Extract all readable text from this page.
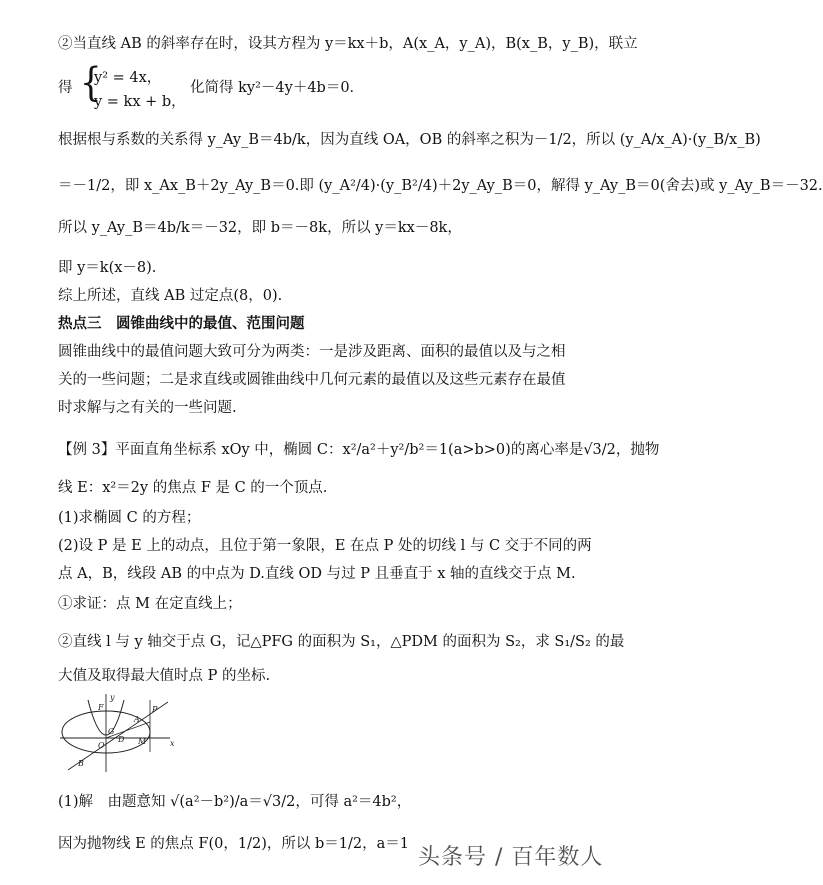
②当直线 AB 的斜率存在时，设其方程为 y＝kx＋b，A(x_A，y_A)，B(x_B，y_B)，联立
得 {
y² = 4x，
y = kx + b，
化简得 ky²－4y＋4b＝0．
根据根与系数的关系得 y_Ay_B＝4b/k，因为直线 OA，OB 的斜率之积为－1/2，所以 (y_A/x_A)·(y_B/x_B)
＝－1/2，即 x_Ax_B＋2y_Ay_B＝0.即 (y_A²/4)·(y_B²/4)＋2y_Ay_B＝0，解得 y_Ay_B＝0(舍去)或 y_Ay_B＝－32.
所以 y_Ay_B＝4b/k＝－32，即 b＝－8k，所以 y＝kx－8k，
即 y＝k(x－8).
综上所述，直线 AB 过定点(8，0).
热点三　圆锥曲线中的最值、范围问题
圆锥曲线中的最值问题大致可分为两类：一是涉及距离、面积的最值以及与之相
关的一些问题；二是求直线或圆锥曲线中几何元素的最值以及这些元素存在最值
时求解与之有关的一些问题.
【例 3】平面直角坐标系 xOy 中，椭圆 C：x²/a²＋y²/b²＝1(a>b>0)的离心率是√3/2，抛物
线 E：x²＝2y 的焦点 F 是 C 的一个顶点.
(1)求椭圆 C 的方程；
(2)设 P 是 E 上的动点，且位于第一象限，E 在点 P 处的切线 l 与 C 交于不同的两
点 A，B，线段 AB 的中点为 D.直线 OD 与过 P 且垂直于 x 轴的直线交于点 M.
①求证：点 M 在定直线上；
②直线 l 与 y 轴交于点 G，记△PFG 的面积为 S₁，△PDM 的面积为 S₂，求 S₁/S₂ 的最
大值及取得最大值时点 P 的坐标.
y
x
F
O
D M
G
P
A
B
(1)解　由题意知 √(a²－b²)/a＝√3/2，可得 a²＝4b²，
因为抛物线 E 的焦点 F(0，1/2)，所以 b＝1/2，a＝1
头条号 / 百年数人
